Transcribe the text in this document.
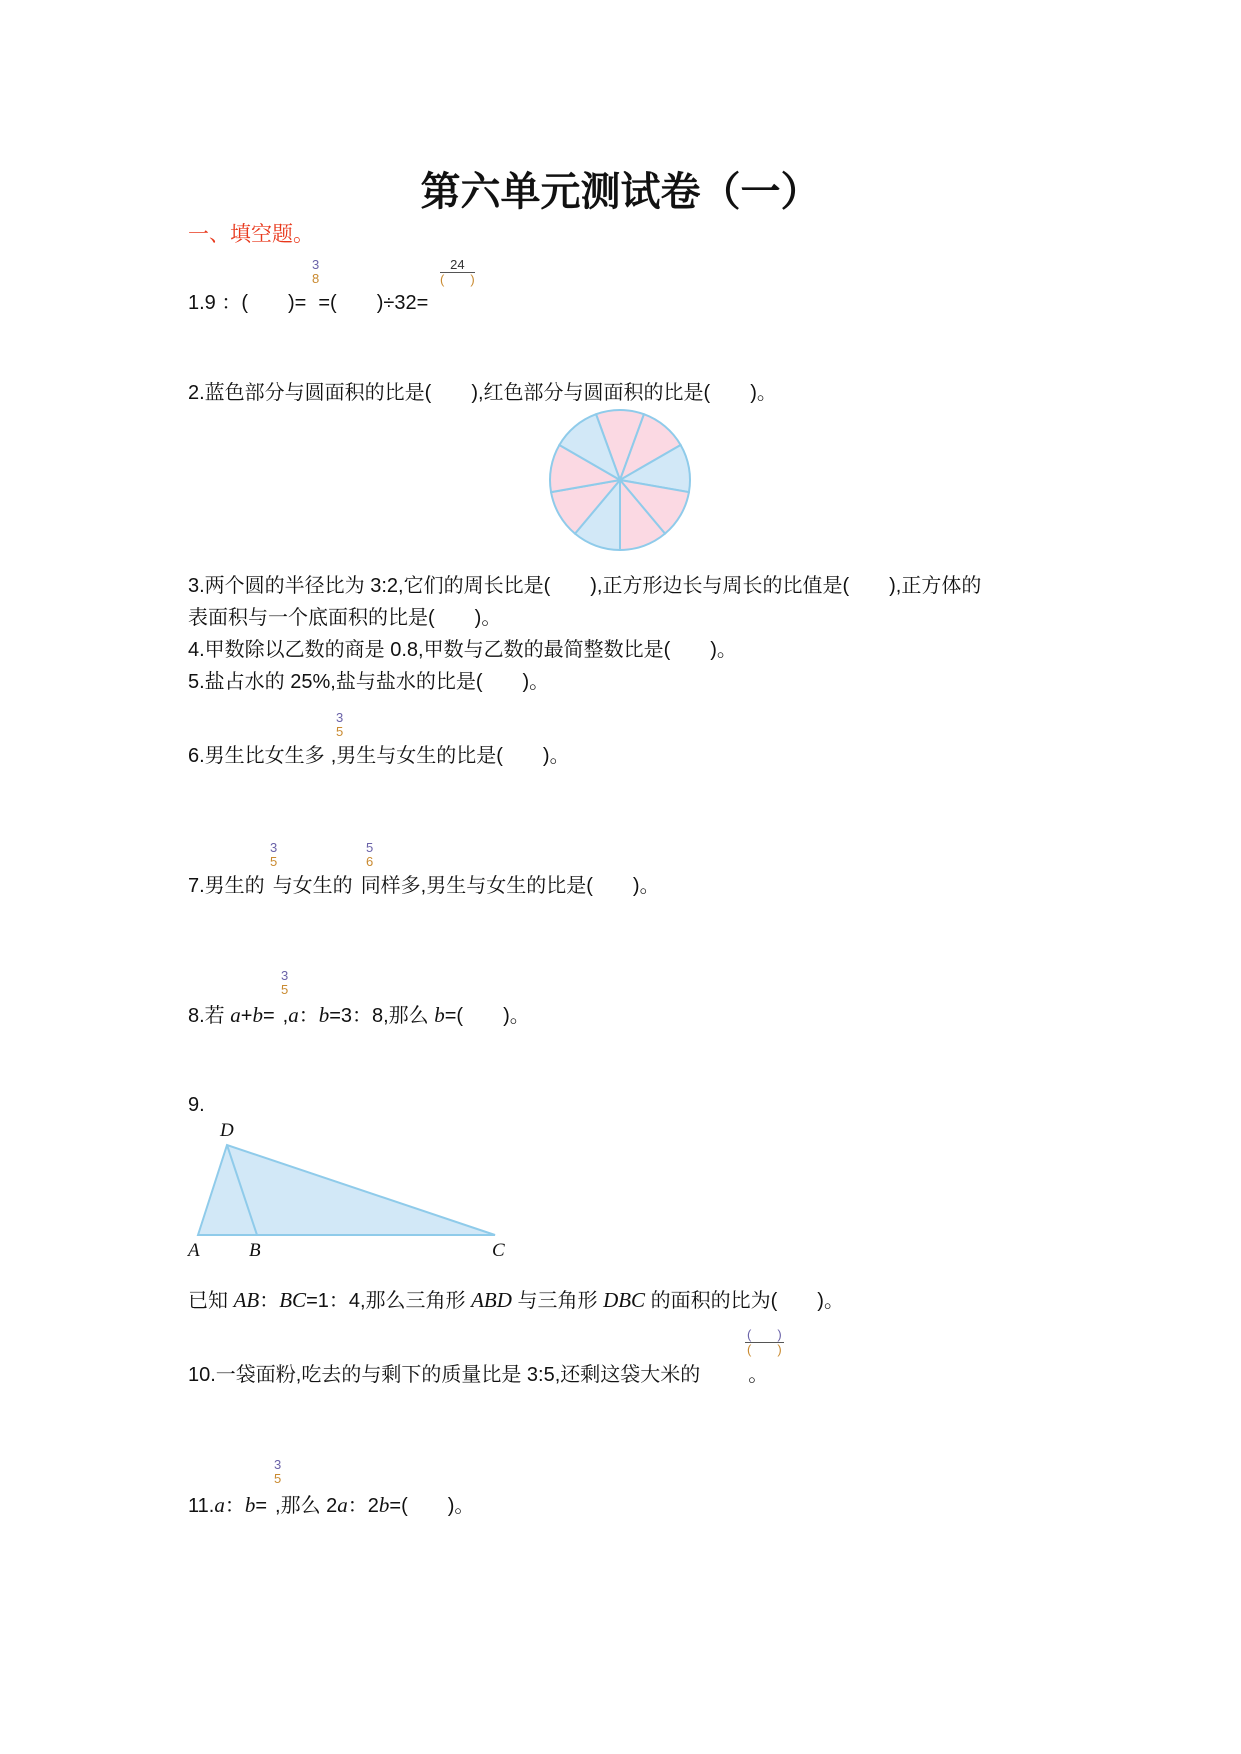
第六单元测试卷（一）
一、填空题。
1.9 ：(　　)= =(　　)÷32=
3
8
24
(　　)
2.蓝色部分与圆面积的比是(　　),红色部分与圆面积的比是(　　)。
3.两个圆的半径比为 3:2,它们的周长比是(　　),正方形边长与周长的比值是(　　),正方体的
表面积与一个底面积的比是(　　)。
4.甲数除以乙数的商是 0.8,甲数与乙数的最简整数比是(　　)。
5.盐占水的 25%,盐与盐水的比是(　　)。
6.男生比女生多 ,男生与女生的比是(　　)。
3
5
7.男生的 与女生的 同样多,男生与女生的比是(　　)。
3
5
5
6
8.若 a+b= ,a：b=3：8,那么 b=(　　)。
3
5
9.
D
A	B	C
已知 AB：BC=1：4,那么三角形 ABD 与三角形 DBC 的面积的比为(　　)。
10.一袋面粉,吃去的与剩下的质量比是 3:5,还剩这袋大米的 。
(　　)
(　　)
11.a：b= ,那么 2a：2b=(　　)。
3
5
